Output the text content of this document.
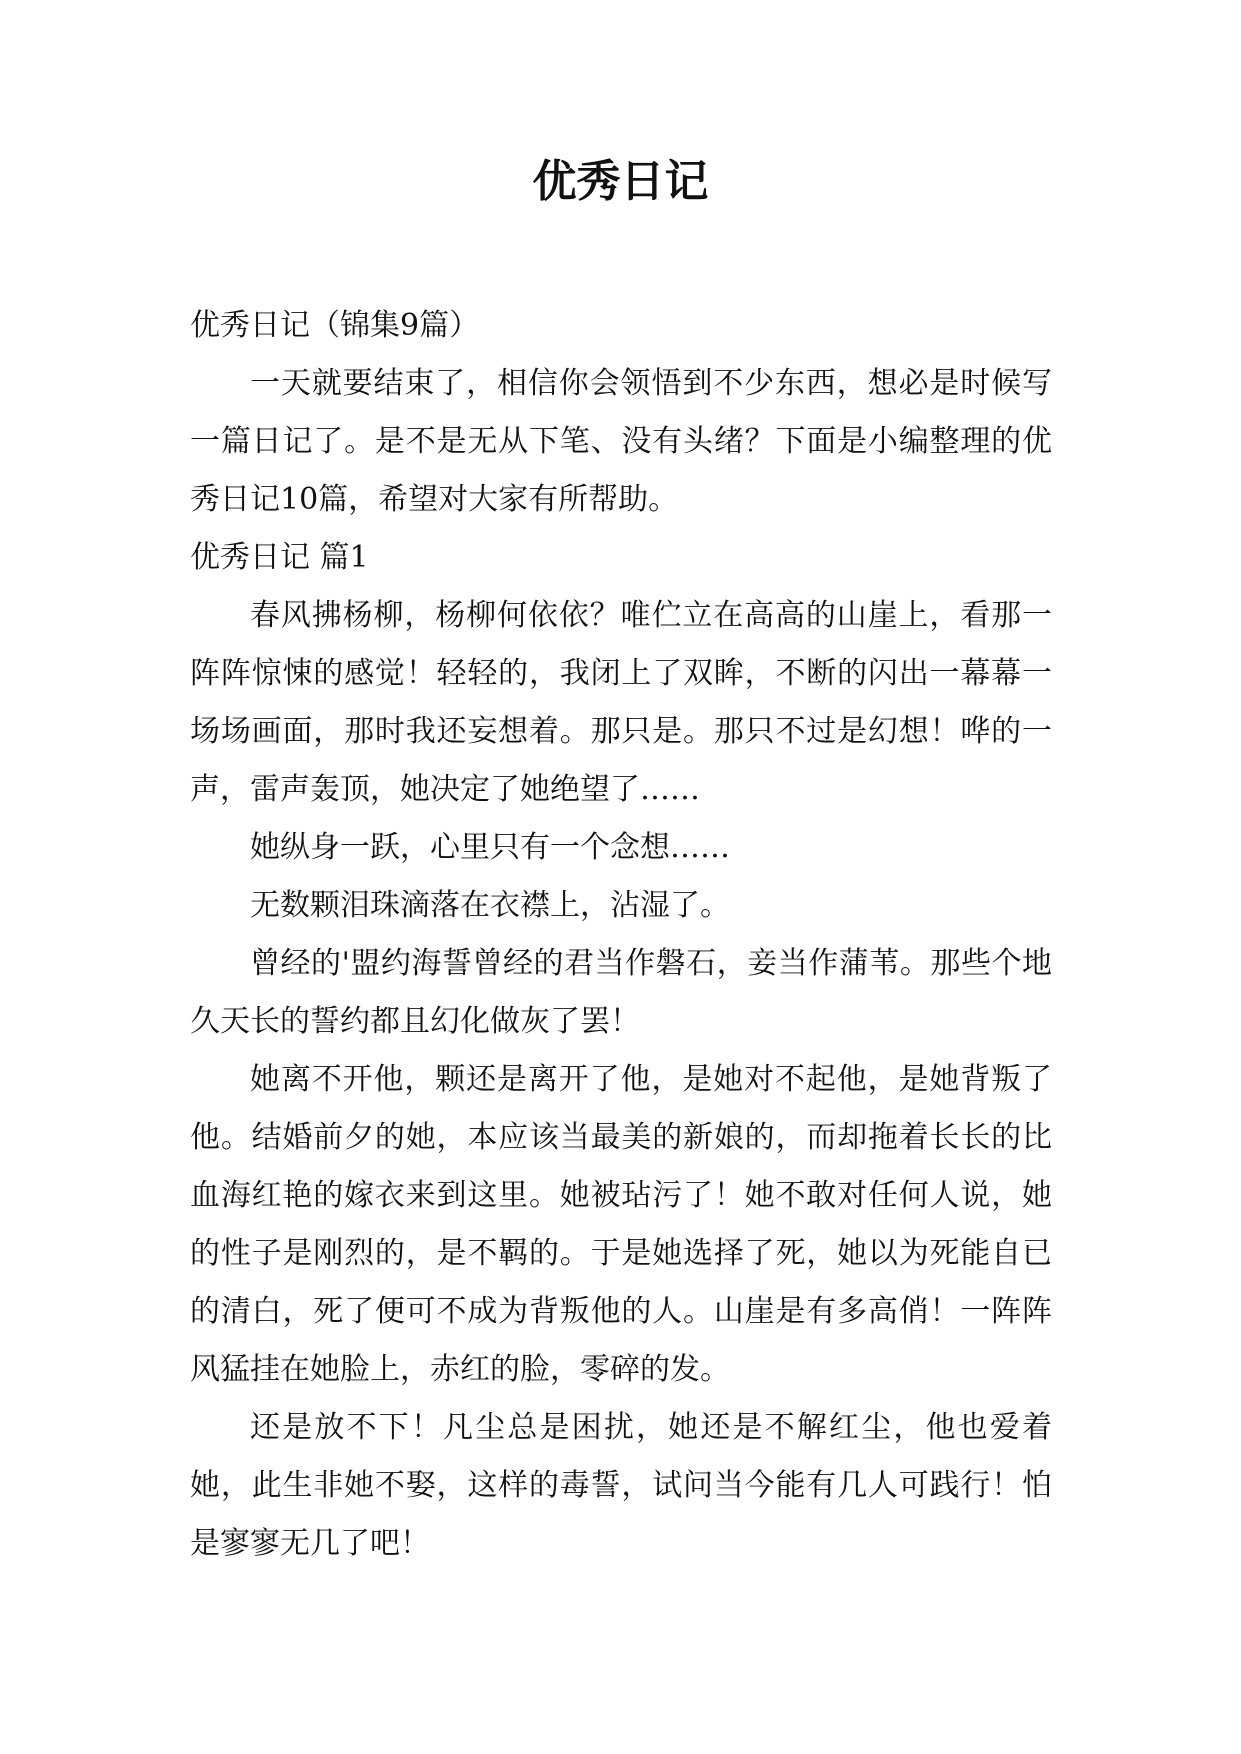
优秀日记

优秀日记（锦集9篇）

一天就要结束了，相信你会领悟到不少东西，想必是时候写一篇日记了。是不是无从下笔、没有头绪？下面是小编整理的优秀日记10篇，希望对大家有所帮助。

优秀日记 篇1

春风拂杨柳，杨柳何依依？唯伫立在高高的山崖上，看那一阵阵惊悚的感觉！轻轻的，我闭上了双眸，不断的闪出一幕幕一场场画面，那时我还妄想着。那只是。那只不过是幻想！哗的一声，雷声轰顶，她决定了她绝望了……

她纵身一跃，心里只有一个念想……

无数颗泪珠滴落在衣襟上，沾湿了。

曾经的'盟约海誓曾经的君当作磐石，妾当作蒲苇。那些个地久天长的誓约都且幻化做灰了罢！

她离不开他，颗还是离开了他，是她对不起他，是她背叛了他。结婚前夕的她，本应该当最美的新娘的，而却拖着长长的比血海红艳的嫁衣来到这里。她被玷污了！她不敢对任何人说，她的性子是刚烈的，是不羁的。于是她选择了死，她以为死能自已的清白，死了便可不成为背叛他的人。山崖是有多高俏！一阵阵风猛挂在她脸上，赤红的脸，零碎的发。

还是放不下！凡尘总是困扰，她还是不解红尘，他也爱着她，此生非她不娶，这样的毒誓，试问当今能有几人可践行！怕是寥寥无几了吧！
